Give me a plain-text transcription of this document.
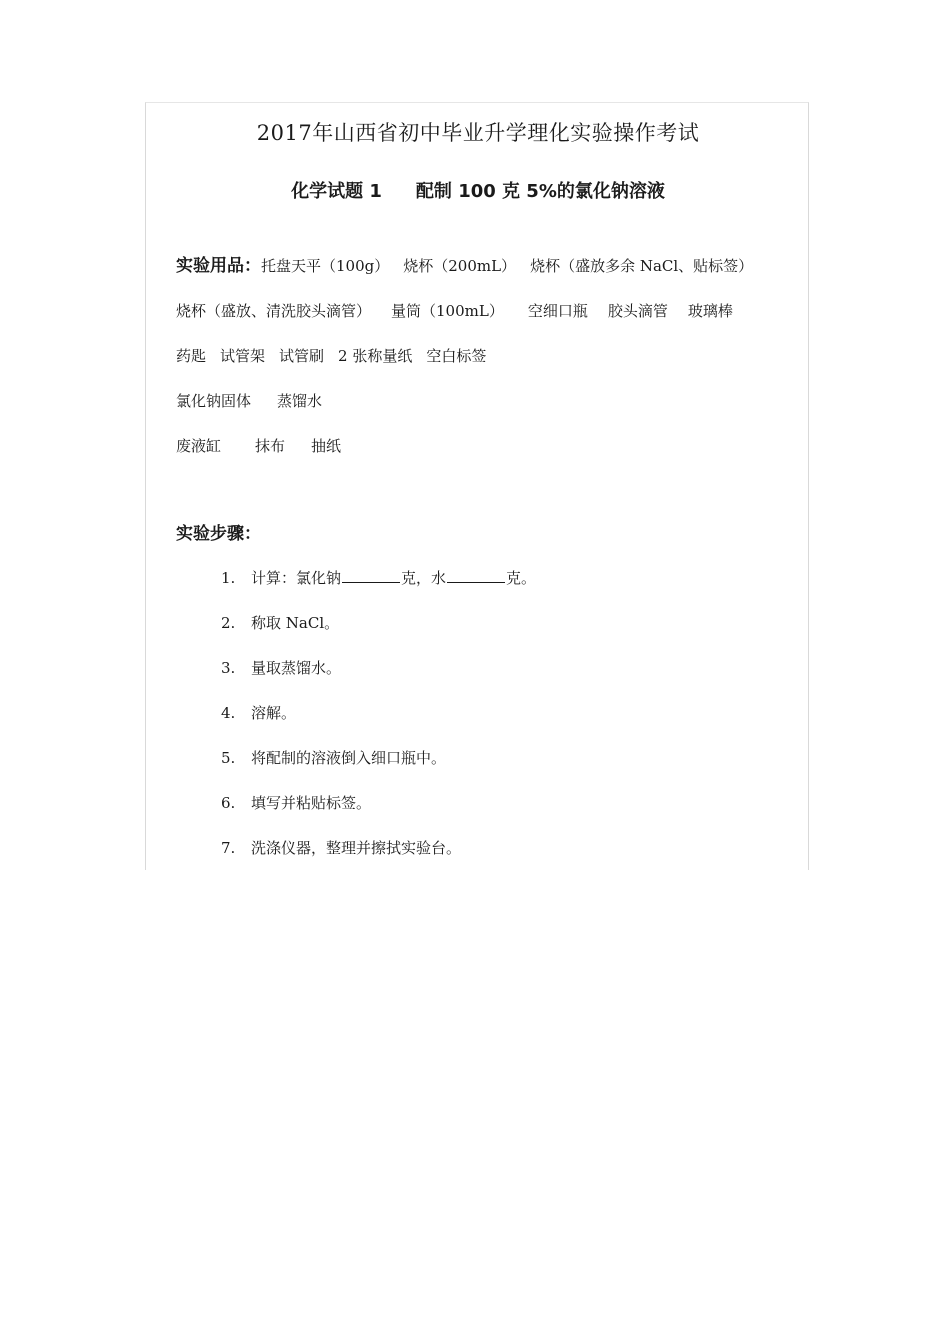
2017年山西省初中毕业升学理化实验操作考试
化学试题 1 配制 100 克 5%的氯化钠溶液
实验用品：托盘天平（100g） 烧杯（200mL） 烧杯（盛放多余 NaCl、贴标签）
烧杯（盛放、清洗胶头滴管） 量筒（100mL） 空细口瓶 胶头滴管 玻璃棒
药匙 试管架 试管刷 2 张称量纸 空白标签
氯化钠固体 蒸馏水
废液缸 抹布 抽纸
实验步骤：
1. 计算：氯化钠	克，水	克。
2. 称取 NaCl。
3. 量取蒸馏水。
4. 溶解。
5. 将配制的溶液倒入细口瓶中。
6. 填写并粘贴标签。
7. 洗涤仪器，整理并擦拭实验台。
